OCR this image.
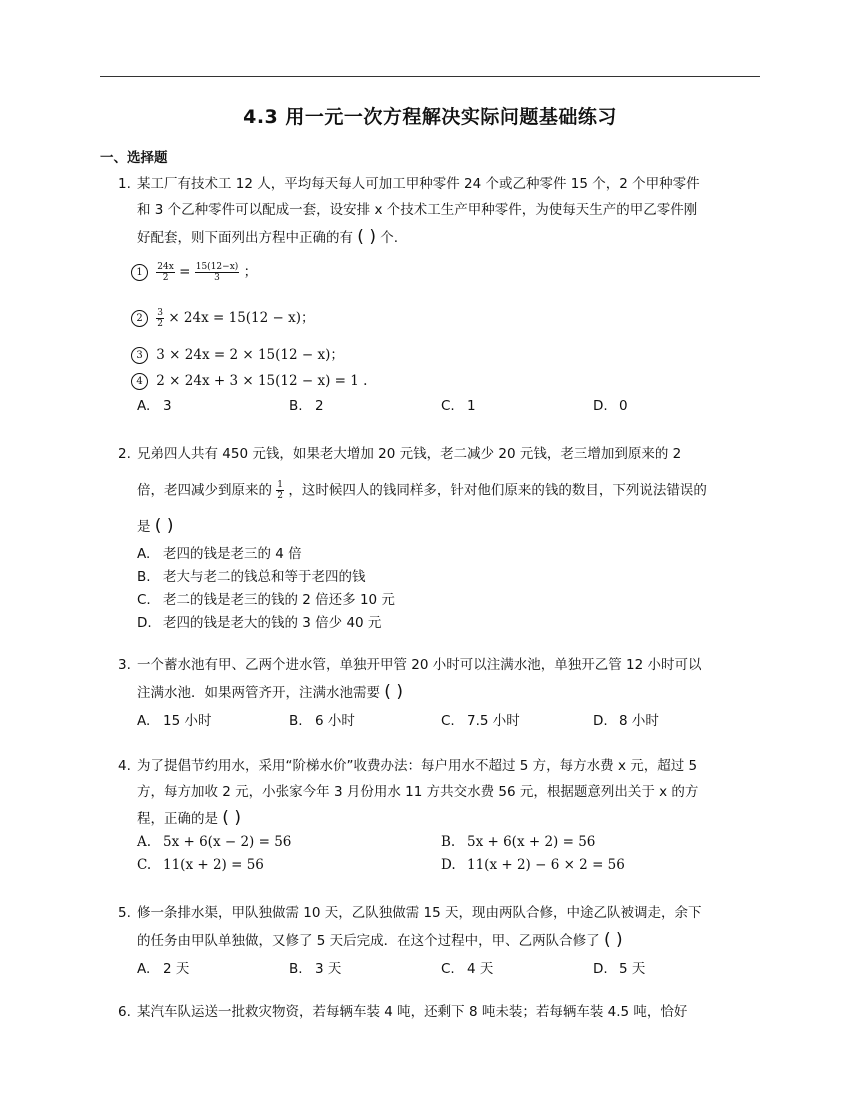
4.3 用一元一次方程解决实际问题基础练习
一、选择题
1. 某工厂有技术工 12 人，平均每天每人可加工甲种零件 24 个或乙种零件 15 个，2 个甲种零件
和 3 个乙种零件可以配成一套，设安排 x 个技术工生产甲种零件，为使每天生产的甲乙零件刚
好配套，则下面列出方程中正确的有 ( ) 个.
$1 \frac{24x}{2} = \frac{15(12-x)}{3}$ ；
$2 \frac{3}{2} \times 24x = 15(12 - x)$；
3 3 × 24x = 2 × 15(12 − x)；
4 2 × 24x + 3 × 15(12 − x) = 1 .
A. 3	B. 2	C. 1	D. 0
2. 兄弟四人共有 450 元钱，如果老大增加 20 元钱，老二减少 20 元钱，老三增加到原来的 2
倍，老四减少到原来的 $\frac{1}{2}$ ，这时候四人的钱同样多，针对他们原来的钱的数目，下列说法错误的
是 ( )
A. 老四的钱是老三的 4 倍
B. 老大与老二的钱总和等于老四的钱
C. 老二的钱是老三的钱的 2 倍还多 10 元
D. 老四的钱是老大的钱的 3 倍少 40 元
3. 一个蓄水池有甲、乙两个进水管，单独开甲管 20 小时可以注满水池，单独开乙管 12 小时可以
注满水池．如果两管齐开，注满水池需要 ( )
A. 15 小时	B. 6 小时	C. 7.5 小时	D. 8 小时
4. 为了提倡节约用水，采用“阶梯水价”收费办法：每户用水不超过 5 方，每方水费 x 元，超过 5
方，每方加收 2 元，小张家今年 3 月份用水 11 方共交水费 56 元，根据题意列出关于 x 的方
程，正确的是 ( )
A. 5x + 6(x − 2) = 56	B. 5x + 6(x + 2) = 56
C. 11(x + 2) = 56	D. 11(x + 2) − 6 × 2 = 56
5. 修一条排水渠，甲队独做需 10 天，乙队独做需 15 天，现由两队合修，中途乙队被调走，余下
的任务由甲队单独做，又修了 5 天后完成．在这个过程中，甲、乙两队合修了 ( )
A. 2 天	B. 3 天	C. 4 天	D. 5 天
6. 某汽车队运送一批救灾物资，若每辆车装 4 吨，还剩下 8 吨未装；若每辆车装 4.5 吨，恰好
